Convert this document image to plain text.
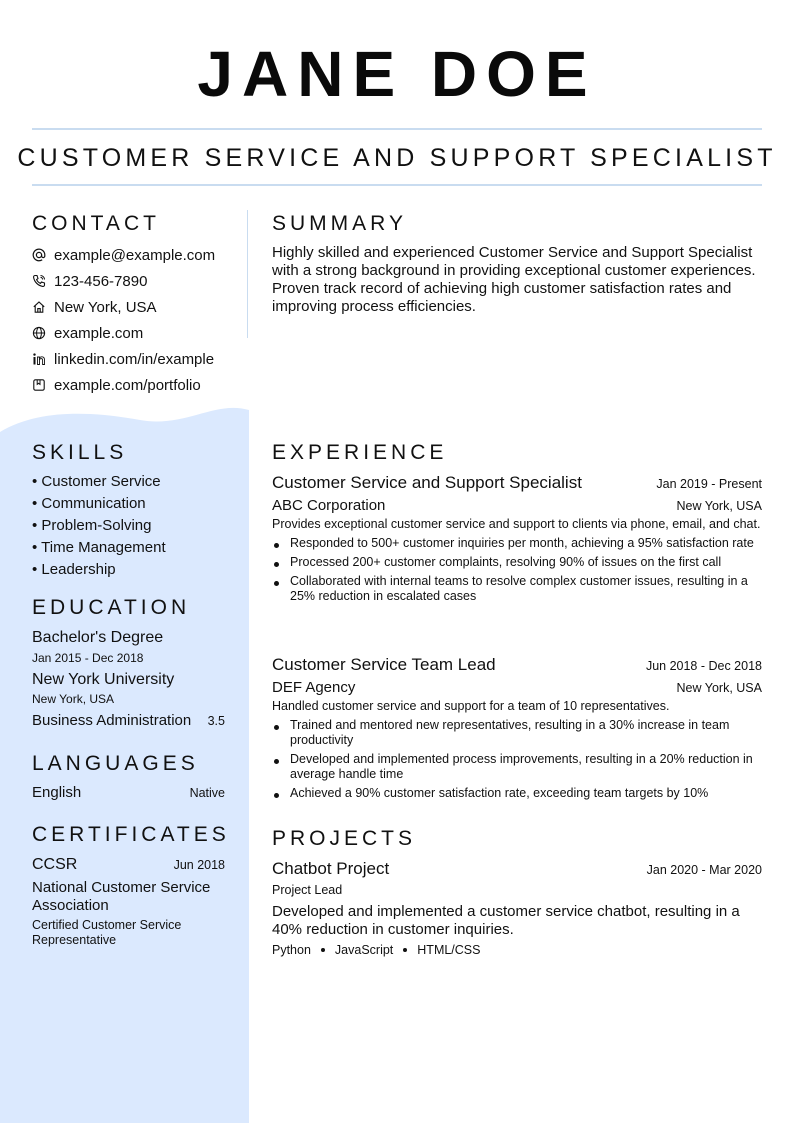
JANE DOE
CUSTOMER SERVICE AND SUPPORT SPECIALIST
CONTACT
example@example.com
123-456-7890
New York, USA
example.com
linkedin.com/in/example
example.com/portfolio
SKILLS
• Customer Service
• Communication
• Problem-Solving
• Time Management
• Leadership
EDUCATION
Bachelor's Degree
Jan 2015 - Dec 2018
New York University
New York, USA
Business Administration 3.5
LANGUAGES
English	Native
CERTIFICATES
CCSR	Jun 2018
National Customer Service Association
Certified Customer Service Representative
SUMMARY
Highly skilled and experienced Customer Service and Support Specialist with a strong background in providing exceptional customer experiences. Proven track record of achieving high customer satisfaction rates and improving process efficiencies.
EXPERIENCE
Customer Service and Support Specialist	Jan 2019 - Present
ABC Corporation	New York, USA
Provides exceptional customer service and support to clients via phone, email, and chat.
Responded to 500+ customer inquiries per month, achieving a 95% satisfaction rate
Processed 200+ customer complaints, resolving 90% of issues on the first call
Collaborated with internal teams to resolve complex customer issues, resulting in a 25% reduction in escalated cases
Customer Service Team Lead	Jun 2018 - Dec 2018
DEF Agency	New York, USA
Handled customer service and support for a team of 10 representatives.
Trained and mentored new representatives, resulting in a 30% increase in team productivity
Developed and implemented process improvements, resulting in a 20% reduction in average handle time
Achieved a 90% customer satisfaction rate, exceeding team targets by 10%
PROJECTS
Chatbot Project	Jan 2020 - Mar 2020
Project Lead
Developed and implemented a customer service chatbot, resulting in a 40% reduction in customer inquiries.
Python JavaScript HTML/CSS
